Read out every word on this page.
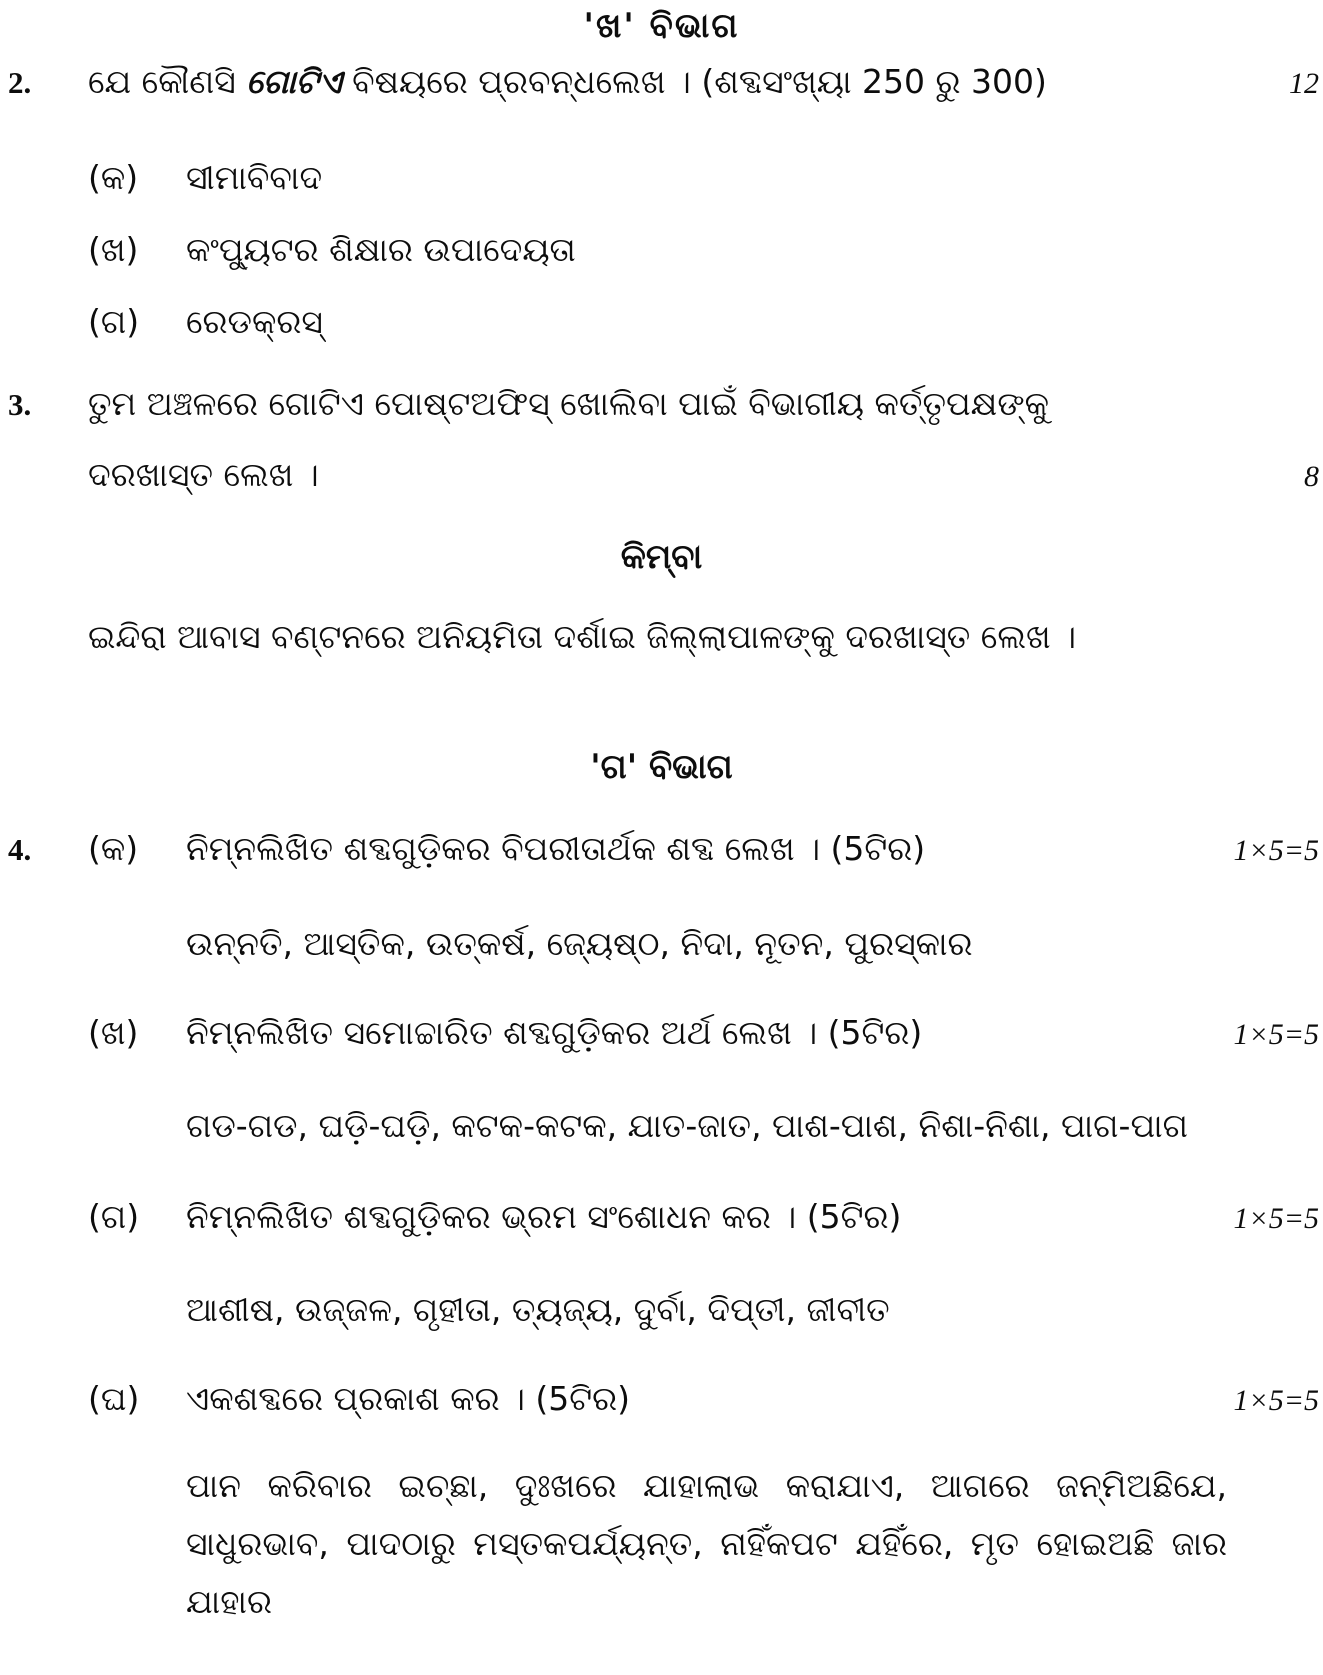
'ଖ' ବିଭାଗ
2.	ଯେ କୌଣସି ଗୋଟିଏ ବିଷୟରେ ପ୍ରବନ୍ଧଲେଖ । (ଶବ୍ଦସଂଖ୍ୟା 250 ରୁ 300)	12
(କ)	ସୀମାବିବାଦ
(ଖ)	କଂପ୍ୟୁଟର ଶିକ୍ଷାର ଉପାଦେୟତା
(ଗ)	ରେଡକ୍ରସ୍
3.	ତୁମ ଅଞ୍ଚଳରେ ଗୋଟିଏ ପୋଷ୍ଟଅଫିସ୍ ଖୋଲିବା ପାଇଁ ବିଭାଗୀୟ କର୍ତ୍ତୃପକ୍ଷଙ୍କୁ
ଦରଖାସ୍ତ ଲେଖ ।	8
କିମ୍ବା
ଇନ୍ଦିରା ଆବାସ ବଣ୍ଟନରେ ଅନିୟମିତା ଦର୍ଶାଇ ଜିଲ୍ଲାପାଳଙ୍କୁ ଦରଖାସ୍ତ ଲେଖ ।
'ଗ' ବିଭାଗ
4.	(କ)	ନିମ୍ନଲିଖିତ ଶବ୍ଦଗୁଡ଼ିକର ବିପରୀତାର୍ଥକ ଶବ୍ଦ ଲେଖ । (5ଟିର)	1×5=5
ଉନ୍ନତି, ଆସ୍ତିକ, ଉତ୍କର୍ଷ, ଜ୍ୟେଷ୍ଠ, ନିଦା, ନୂତନ, ପୁରସ୍କାର
(ଖ)	ନିମ୍ନଲିଖିତ ସମୋଚ୍ଚାରିତ ଶବ୍ଦଗୁଡ଼ିକର ଅର୍ଥ ଲେଖ । (5ଟିର)	1×5=5
ଗଡ-ଗଡ, ଘଡ଼ି-ଘଡ଼ି, କଟକ-କଟକ, ଯାତ-ଜାତ, ପାଶ-ପାଶ, ନିଶା-ନିଶା, ପାଗ-ପାଗ
(ଗ)	ନିମ୍ନଲିଖିତ ଶବ୍ଦଗୁଡ଼ିକର ଭ୍ରମ ସଂଶୋଧନ କର । (5ଟିର)	1×5=5
ଆଶୀଷ, ଉଜ୍ଜଳ, ଗୃହୀତା, ତ୍ୟଜ୍ୟ, ଦୁର୍ବା, ଦିପ୍ତୀ, ଜୀବୀତ
(ଘ)	ଏକଶବ୍ଦରେ ପ୍ରକାଶ କର । (5ଟିର)	1×5=5
ପାନ କରିବାର ଇଚ୍ଛା, ଦୁଃଖରେ ଯାହାଲାଭ କରାଯାଏ, ଆଗରେ ଜନ୍ମିଅଛିଯେ, ସାଧୁରଭାବ, ପାଦଠାରୁ ମସ୍ତକପର୍ଯ୍ୟନ୍ତ, ନାହିଁକପଟ ଯହିଁରେ, ମୃତ ହୋଇଅଛି ଜାର ଯାହାର
